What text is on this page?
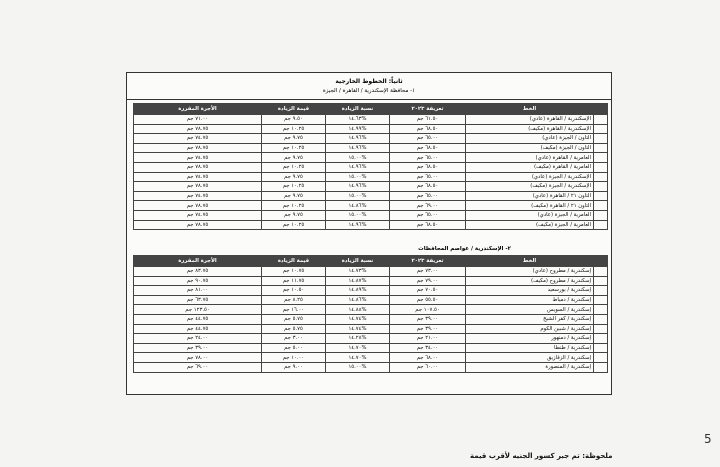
ثانياً: الخطوط الخارجية
١- محافظة الإسكندرية / القاهرة / الجيزة
	الخط	تعريفة ٢٠٢٣	نسبة الزيادة	قيمة الزيادة	الأجرة المقررة
	الإسكندرية / القاهرة (عادي)	٦١.٥٠ جم	%١٤.٦٣	٩.٥٠ جم	٧١.٠٠ جم
	الإسكندرية / القاهرة (مكيف)	٦٨.٥٠ جم	%١٤.٩٩	١٠.٢٥ جم	٧٨.٧٥ جم
	التاون / الجيزة (عادي)	٦٥.٠٠ جم	%١٤.٩٦	٩.٧٥ جم	٧٤.٧٥ جم
	التاون / الجيزة (مكيف)	٦٨.٥٠ جم	%١٤.٩٦	١٠.٢٥ جم	٧٨.٧٥ جم
	العامرية / القاهرة (عادي)	٦٥.٠٠ جم	%١٥.٠٠	٩.٧٥ جم	٧٤.٧٥ جم
	العامرية / القاهرة (مكيف)	٦٨.٥٠ جم	%١٤.٩٦	١٠.٢٥ جم	٧٨.٧٥ جم
	الإسكندرية / الجيزة (عادي)	٦٥.٠٠ جم	%١٥.٠٠	٩.٧٥ جم	٧٤.٧٥ جم
	الإسكندرية / الجيزة (مكيف)	٦٨.٥٠ جم	%١٤.٩٦	١٠.٢٥ جم	٧٨.٧٥ جم
	التاون ٢١ / القاهرة (عادي)	٦٥.٠٠ جم	%١٥.٠٠	٩.٧٥ جم	٧٤.٧٥ جم
	التاون ٢١ / القاهرة (مكيف)	٦٩.٠٠ جم	%١٤.٨٦	١٠.٢٥ جم	٧٨.٧٥ جم
	العامرية / الجيزة (عادي)	٦٥.٠٠ جم	%١٥.٠٠	٩.٧٥ جم	٧٤.٧٥ جم
	العامرية / الجيزة (مكيف)	٦٨.٥٠ جم	%١٤.٩٦	١٠.٢٥ جم	٧٨.٧٥ جم
٢- الإسكندرية / عواصم المحافظات
	الخط	تعريفة ٢٠٢٣	نسبة الزيادة	قيمة الزيادة	الأجرة المقررة
	إسكندرية / مطروح (عادي)	٧٣.٠٠ جم	%١٤.٧٣	١٠.٧٥ جم	٨٣.٧٥ جم
	إسكندرية / مطروح (مكيف)	٧٩.٠٠ جم	%١٤.٨٧	١١.٧٥ جم	٩٠.٧٥ جم
	إسكندرية / بورسعيد	٧٠.٥٠ جم	%١٤.٨٩	١٠.٥٠ جم	٨١.٠٠ جم
	إسكندرية / دمياط	٥٥.٥٠ جم	%١٤.٨٦	٨.٢٥ جم	٦٣.٧٥ جم
	إسكندرية / السويس	١٠٧.٥٠ جم	%١٤.٨٨	١٦.٠٠ جم	١٢٣.٥٠ جم
	إسكندرية / كفر الشيخ	٣٩.٠٠ جم	%١٤.٧٤	٥.٧٥ جم	٤٤.٧٥ جم
	إسكندرية / شبين الكوم	٣٩.٠٠ جم	%١٤.٧٤	٥.٧٥ جم	٤٤.٧٥ جم
	إسكندرية / دمنهور	٢١.٠٠ جم	%١٤.٢٨	٣.٠٠ جم	٢٤.٠٠ جم
	إسكندرية / طنطا	٣٤.٠٠ جم	%١٤.٧٠	٥.٠٠ جم	٣٩.٠٠ جم
	إسكندرية / الزقازيق	٦٨.٠٠ جم	%١٤.٧٠	١٠.٠٠ جم	٧٨.٠٠ جم
	إسكندرية / المنصورة	٦٠.٠٠ جم	%١٥.٠٠	٩.٠٠ جم	٦٩.٠٠ جم
5
ملحوظة: تم جبر كسور الجنيه لأقرب قيمة
